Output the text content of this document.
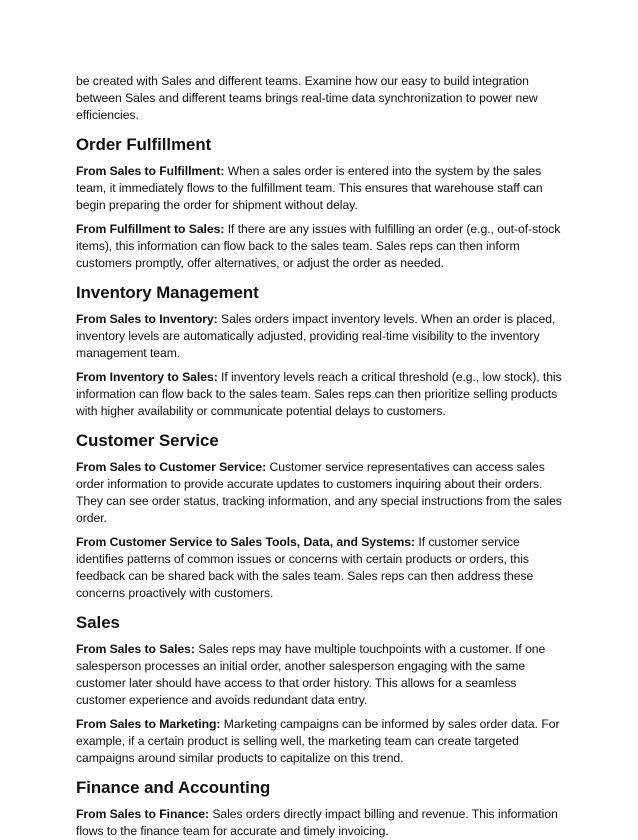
be created with Sales and different teams. Examine how our easy to build integration between Sales and different teams brings real-time data synchronization to power new efficiencies.

Order Fulfillment

From Sales to Fulfillment: When a sales order is entered into the system by the sales team, it immediately flows to the fulfillment team. This ensures that warehouse staff can begin preparing the order for shipment without delay.

From Fulfillment to Sales: If there are any issues with fulfilling an order (e.g., out-of-stock items), this information can flow back to the sales team. Sales reps can then inform customers promptly, offer alternatives, or adjust the order as needed.

Inventory Management

From Sales to Inventory: Sales orders impact inventory levels. When an order is placed, inventory levels are automatically adjusted, providing real-time visibility to the inventory management team.

From Inventory to Sales: If inventory levels reach a critical threshold (e.g., low stock), this information can flow back to the sales team. Sales reps can then prioritize selling products with higher availability or communicate potential delays to customers.

Customer Service

From Sales to Customer Service: Customer service representatives can access sales order information to provide accurate updates to customers inquiring about their orders. They can see order status, tracking information, and any special instructions from the sales order.

From Customer Service to Sales Tools, Data, and Systems: If customer service identifies patterns of common issues or concerns with certain products or orders, this feedback can be shared back with the sales team. Sales reps can then address these concerns proactively with customers.

Sales

From Sales to Sales: Sales reps may have multiple touchpoints with a customer. If one salesperson processes an initial order, another salesperson engaging with the same customer later should have access to that order history. This allows for a seamless customer experience and avoids redundant data entry.

From Sales to Marketing: Marketing campaigns can be informed by sales order data. For example, if a certain product is selling well, the marketing team can create targeted campaigns around similar products to capitalize on this trend.

Finance and Accounting

From Sales to Finance: Sales orders directly impact billing and revenue. This information flows to the finance team for accurate and timely invoicing.
